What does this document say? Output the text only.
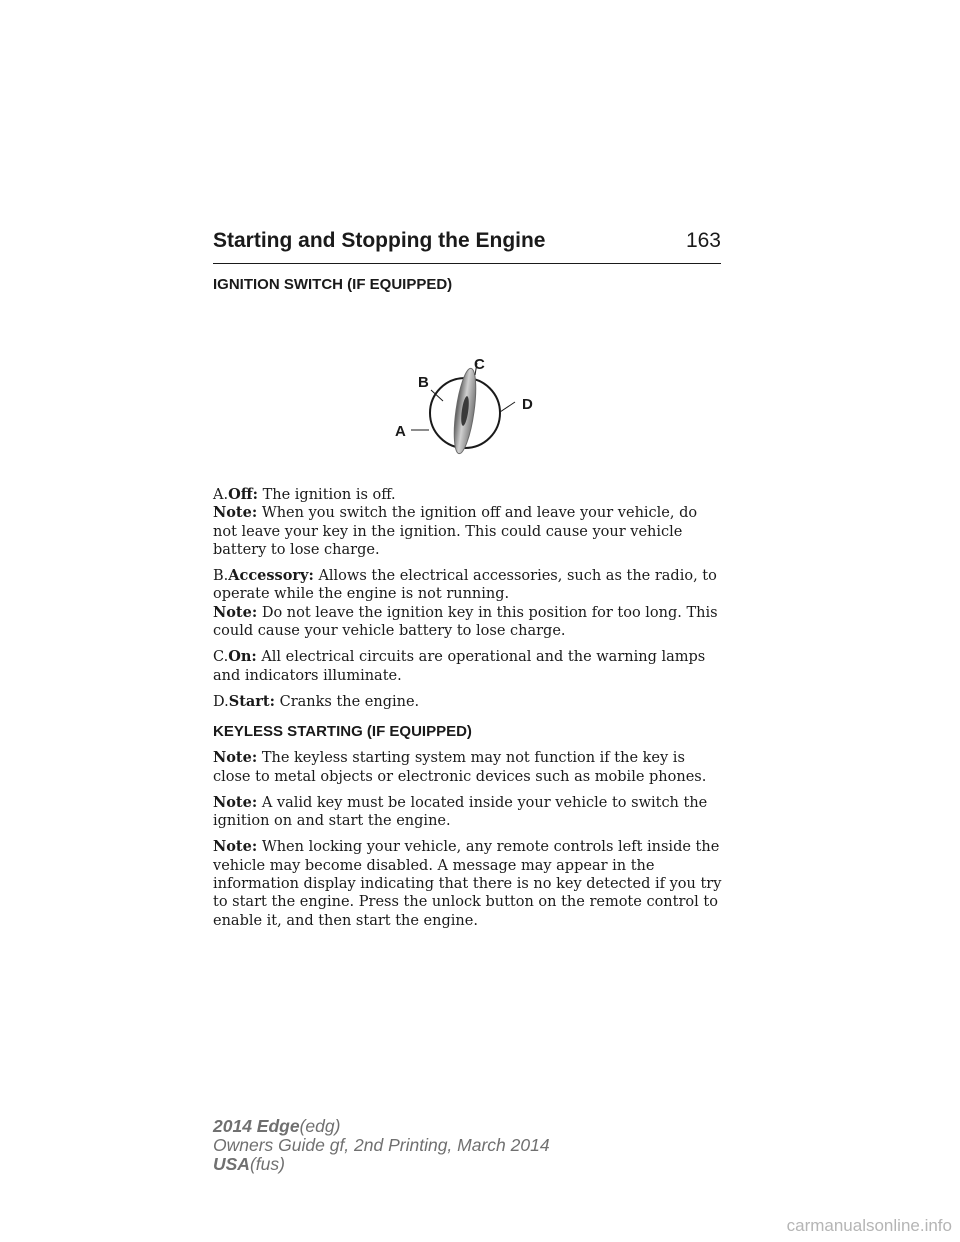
Starting and Stopping the Engine	163
IGNITION SWITCH (IF EQUIPPED)
A
B
C
D

A.Off: The ignition is off.

Note: When you switch the ignition off and leave your vehicle, do not leave your key in the ignition. This could cause your vehicle battery to lose charge.

B.Accessory: Allows the electrical accessories, such as the radio, to operate while the engine is not running.

Note: Do not leave the ignition key in this position for too long. This could cause your vehicle battery to lose charge.

C.On: All electrical circuits are operational and the warning lamps and indicators illuminate.

D.Start: Cranks the engine.

KEYLESS STARTING (IF EQUIPPED)

Note: The keyless starting system may not function if the key is close to metal objects or electronic devices such as mobile phones.

Note: A valid key must be located inside your vehicle to switch the ignition on and start the engine.

Note: When locking your vehicle, any remote controls left inside the vehicle may become disabled. A message may appear in the information display indicating that there is no key detected if you try to start the engine. Press the unlock button on the remote control to enable it, and then start the engine.

2014 Edge(edg)
Owners Guide gf, 2nd Printing, March 2014
USA(fus)
carmanualsonline.info
